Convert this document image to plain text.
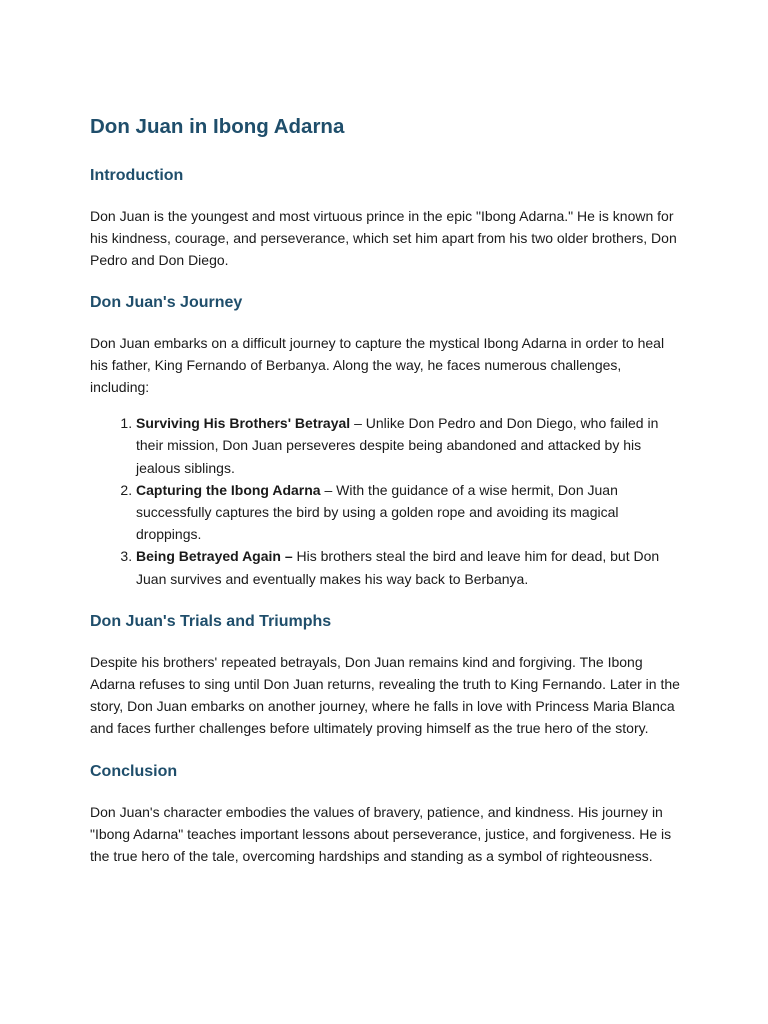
Don Juan in Ibong Adarna
Introduction

Don Juan is the youngest and most virtuous prince in the epic "Ibong Adarna." He is known for his kindness, courage, and perseverance, which set him apart from his two older brothers, Don Pedro and Don Diego.

Don Juan's Journey

Don Juan embarks on a difficult journey to capture the mystical Ibong Adarna in order to heal his father, King Fernando of Berbanya. Along the way, he faces numerous challenges, including:

1. Surviving His Brothers' Betrayal – Unlike Don Pedro and Don Diego, who failed in their mission, Don Juan perseveres despite being abandoned and attacked by his jealous siblings.
2. Capturing the Ibong Adarna – With the guidance of a wise hermit, Don Juan successfully captures the bird by using a golden rope and avoiding its magical droppings.
3. Being Betrayed Again – His brothers steal the bird and leave him for dead, but Don Juan survives and eventually makes his way back to Berbanya.
Don Juan's Trials and Triumphs

Despite his brothers' repeated betrayals, Don Juan remains kind and forgiving. The Ibong Adarna refuses to sing until Don Juan returns, revealing the truth to King Fernando. Later in the story, Don Juan embarks on another journey, where he falls in love with Princess Maria Blanca and faces further challenges before ultimately proving himself as the true hero of the story.

Conclusion

Don Juan's character embodies the values of bravery, patience, and kindness. His journey in "Ibong Adarna" teaches important lessons about perseverance, justice, and forgiveness. He is the true hero of the tale, overcoming hardships and standing as a symbol of righteousness.
